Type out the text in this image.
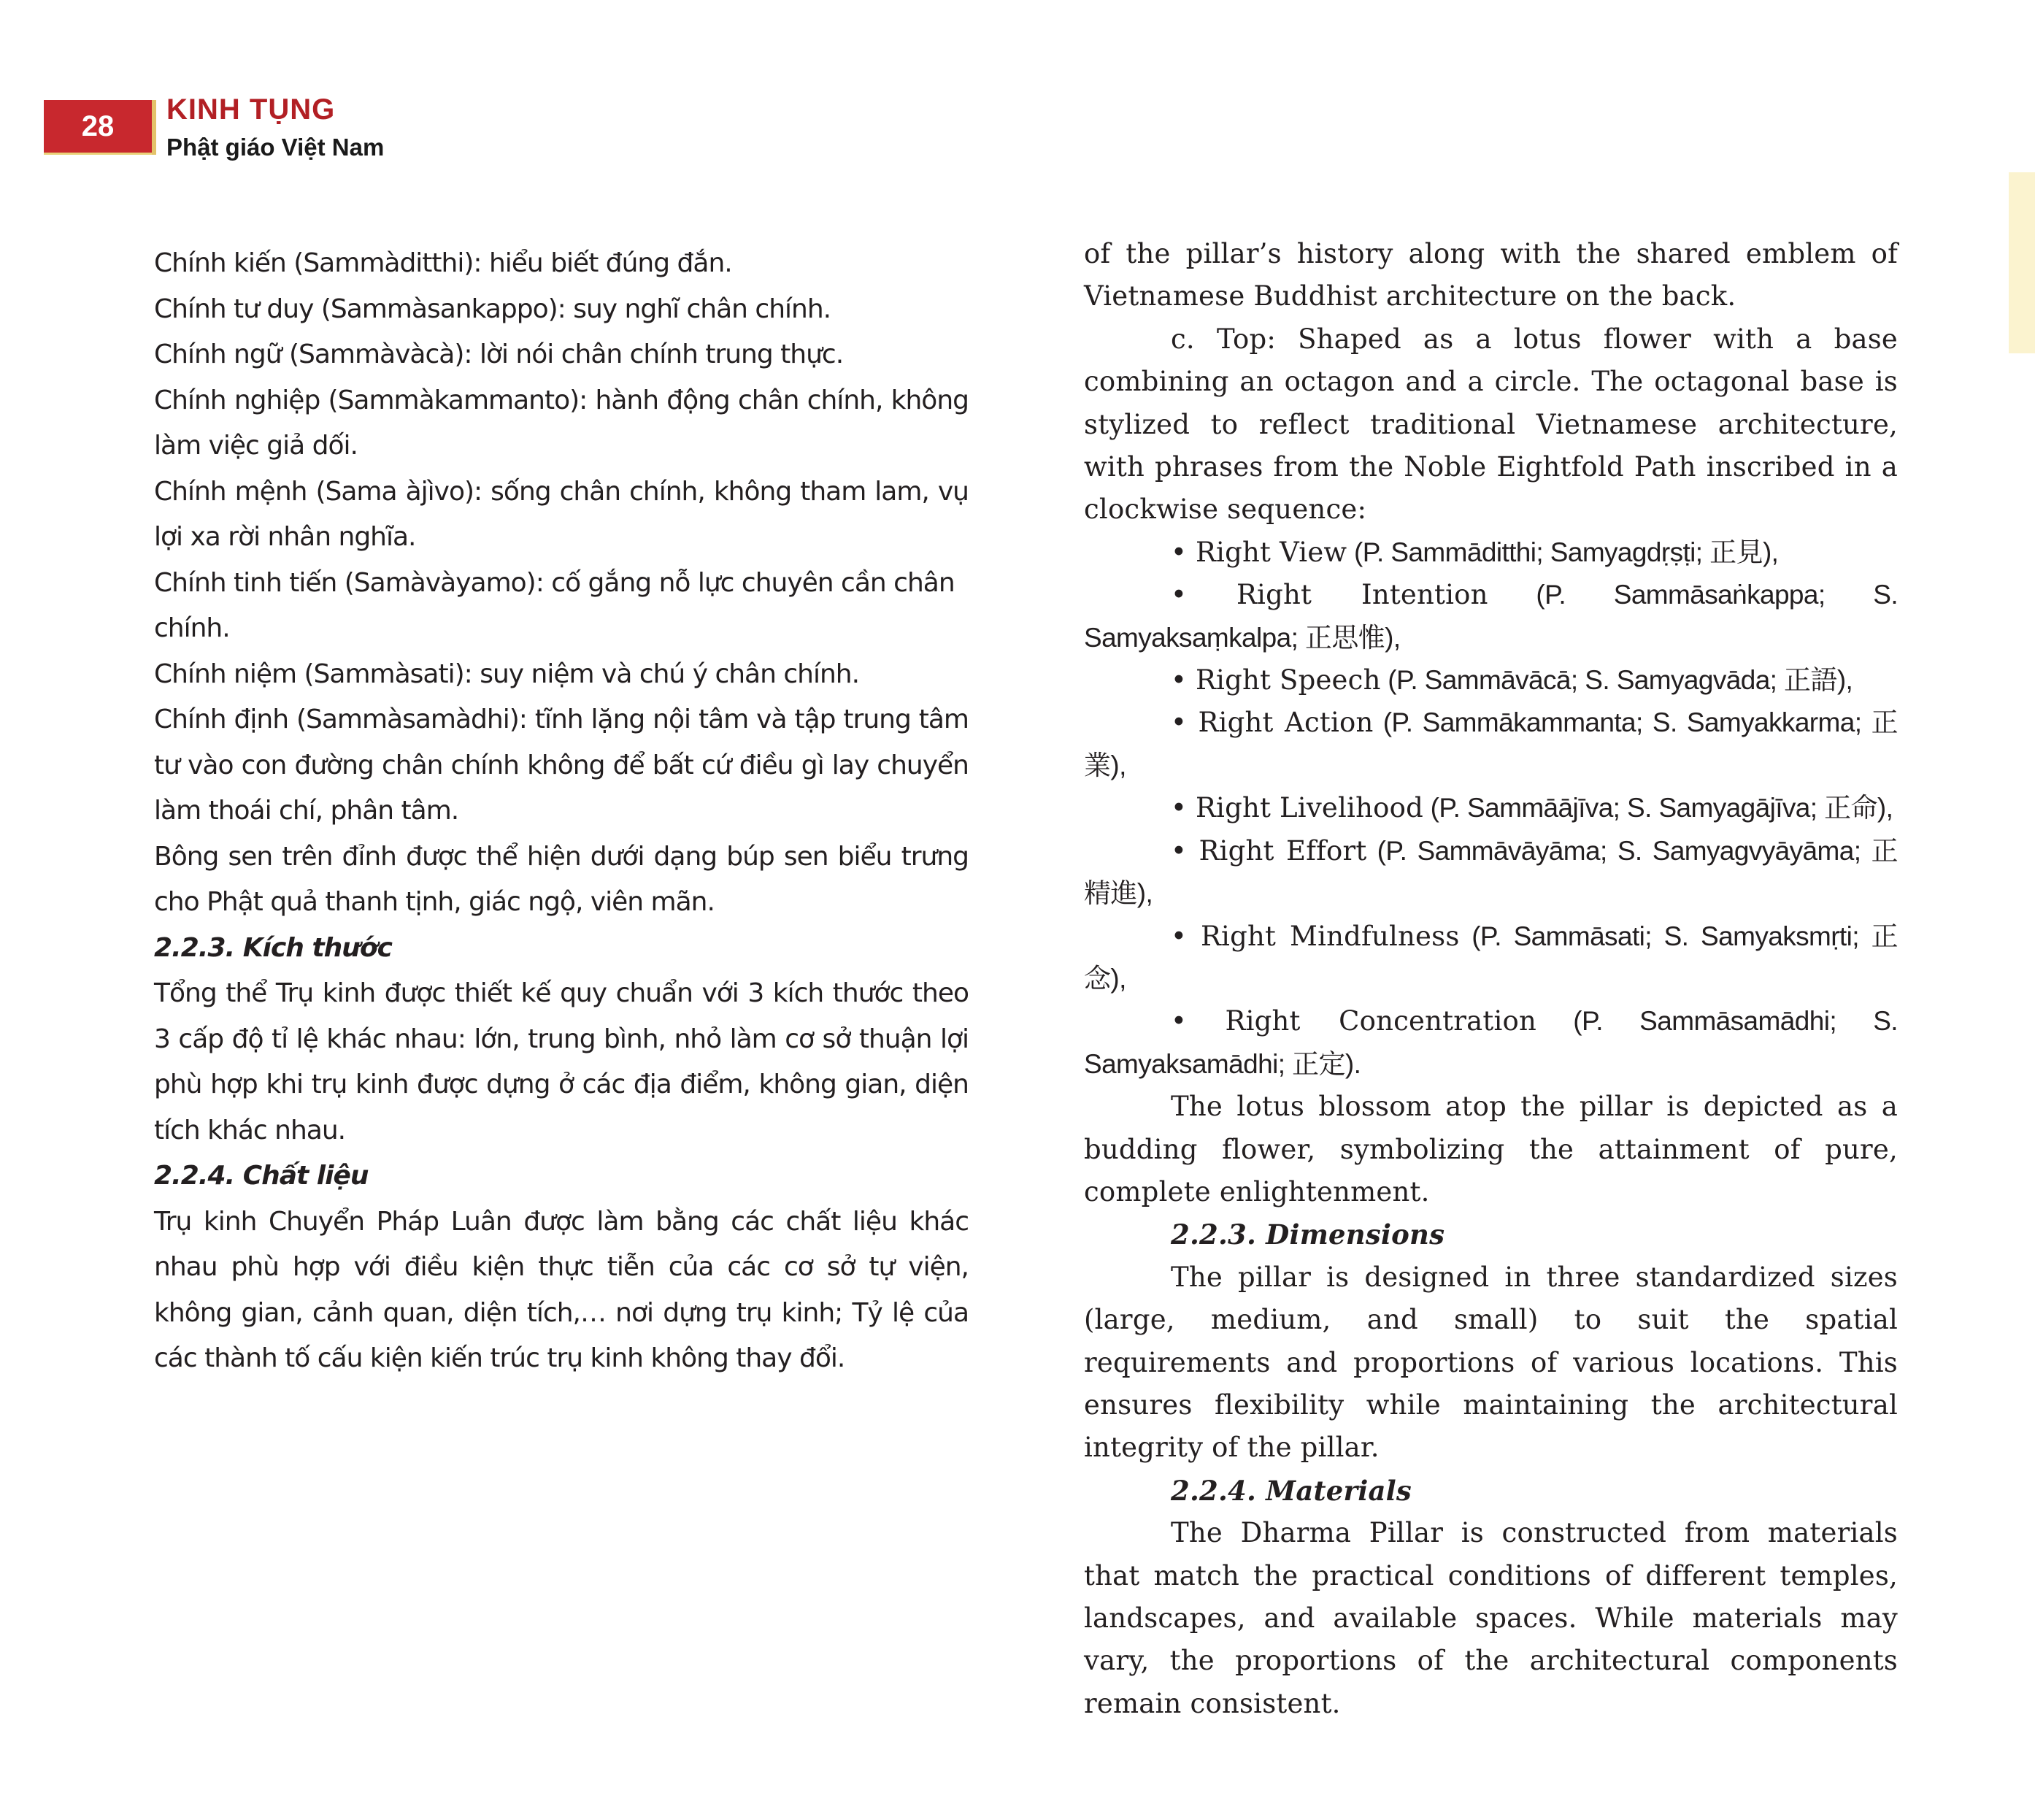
28
KINH TỤNG
Phật giáo Việt Nam

Chính kiến (Sammàditthi): hiểu biết đúng đắn.

Chính tư duy (Sammàsankappo): suy nghĩ chân chính.

Chính ngữ (Sammàvàcà): lời nói chân chính trung thực.

Chính nghiệp (Sammàkammanto): hành động chân chính, không làm việc giả dối.

Chính mệnh (Sama àjìvo): sống chân chính, không tham lam, vụ lợi xa rời nhân nghĩa.

Chính tinh tiến (Samàvàyamo): cố gắng nỗ lực chuyên cần chân chính.

Chính niệm (Sammàsati): suy niệm và chú ý chân chính.

Chính định (Sammàsamàdhi): tĩnh lặng nội tâm và tập trung tâm tư vào con đường chân chính không để bất cứ điều gì lay chuyển làm thoái chí, phân tâm.

Bông sen trên đỉnh được thể hiện dưới dạng búp sen biểu trưng cho Phật quả thanh tịnh, giác ngộ, viên mãn.

2.2.3. Kích thước

Tổng thể Trụ kinh được thiết kế quy chuẩn với 3 kích thước theo 3 cấp độ tỉ lệ khác nhau: lớn, trung bình, nhỏ làm cơ sở thuận lợi phù hợp khi trụ kinh được dựng ở các địa điểm, không gian, diện tích khác nhau.

2.2.4. Chất liệu

Trụ kinh Chuyển Pháp Luân được làm bằng các chất liệu khác nhau phù hợp với điều kiện thực tiễn của các cơ sở tự viện, không gian, cảnh quan, diện tích,… nơi dựng trụ kinh; Tỷ lệ của các thành tố cấu kiện kiến trúc trụ kinh không thay đổi.

of the pillar’s history along with the shared emblem of Vietnamese Buddhist architecture on the back.

c. Top: Shaped as a lotus flower with a base combining an octagon and a circle. The octagonal base is stylized to reflect traditional Vietnamese architecture, with phrases from the Noble Eightfold Path inscribed in a clockwise sequence:

• Right View (P. Sammāditthi; Samyagdṛṣṭi; 正見),

• Right Intention (P. Sammāsaṅkappa; S. Samyaksaṃkalpa; 正思惟),

• Right Speech (P. Sammāvācā; S. Samyagvāda; 正語),

• Right Action (P. Sammākammanta; S. Samyakkarma; 正業),

• Right Livelihood (P. Sammāājīva; S. Samyagājīva; 正命),

• Right Effort (P. Sammāvāyāma; S. Samyagvyāyāma; 正精進),

• Right Mindfulness (P. Sammāsati; S. Samyaksmṛti; 正念),

• Right Concentration (P. Sammāsamādhi; S. Samyaksamādhi; 正定).

The lotus blossom atop the pillar is depicted as a budding flower, symbolizing the attainment of pure, complete enlightenment.

2.2.3. Dimensions

The pillar is designed in three standardized sizes (large, medium, and small) to suit the spatial requirements and proportions of various locations. This ensures flexibility while maintaining the architectural integrity of the pillar.

2.2.4. Materials

The Dharma Pillar is constructed from materials that match the practical conditions of different temples, landscapes, and available spaces. While materials may vary, the proportions of the architectural components remain consistent.
